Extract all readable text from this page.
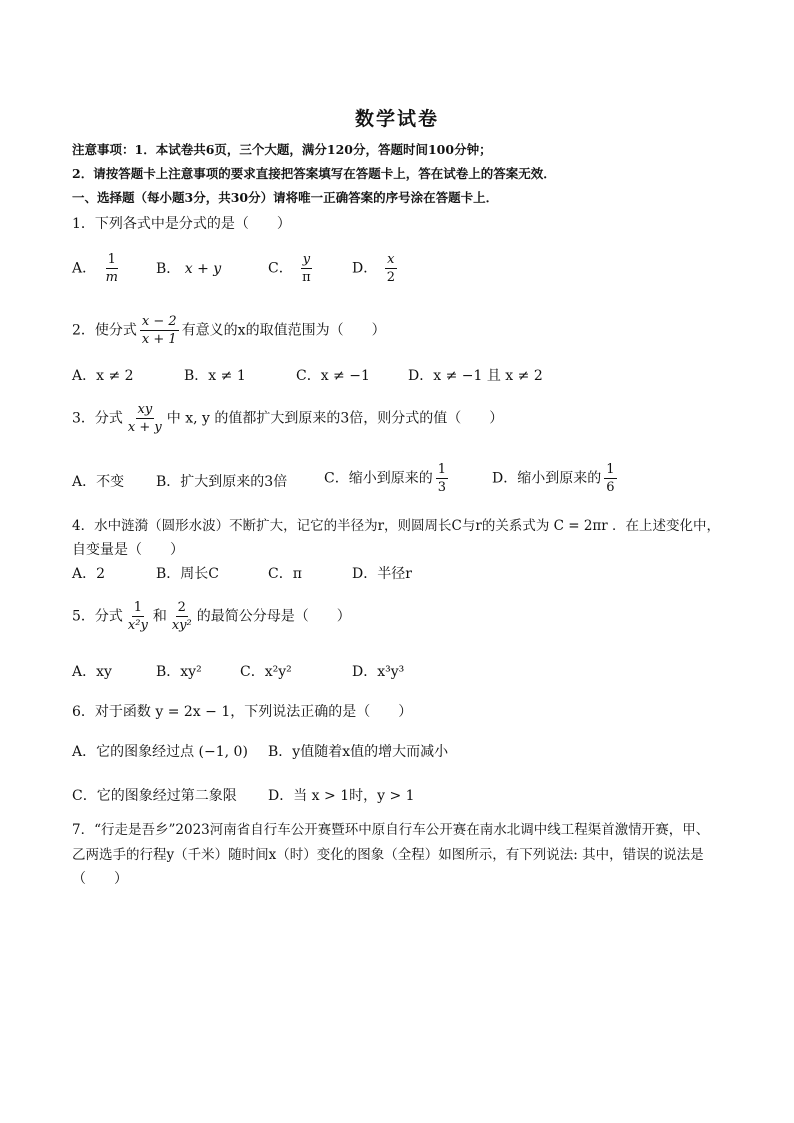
数学试卷
注意事项：1．本试卷共6页，三个大题，满分120分，答题时间100分钟；
2．请按答题卡上注意事项的要求直接把答案填写在答题卡上，答在试卷上的答案无效．
一、选择题（每小题3分，共30分）请将唯一正确答案的序号涂在答题卡上．
1．下列各式中是分式的是（　　）
A． $\frac{1}{m}$	B． x + y	C． $\frac{y}{\pi}$	D． $\frac{x}{2}$
2．使分式 $\frac{x - 2}{x + 1}$ 有意义的x的取值范围为（　　）
A．x ≠ 2	B．x ≠ 1	C．x ≠ −1	D．x ≠ −1 且 x ≠ 2
3．分式 $\frac{xy}{x + y}$ 中 x, y 的值都扩大到原来的3倍，则分式的值（　　）
A．不变 B．扩大到原来的3倍	C．缩小到原来的 $\frac{1}{3}$	D．缩小到原来的 $\frac{1}{6}$
4．水中涟漪（圆形水波）不断扩大，记它的半径为r，则圆周长C与r的关系式为 C = 2πr ．在上述变化中，
自变量是（　　）
A．2	B．周长C	C．π	D．半径r
5．分式 $\frac{1}{\text{x²y}}$ 和 $\frac{2}{\text{xy²}}$ 的最简公分母是（　　）
A．xy	B．xy²	C．x²y²	D．x³y³
6．对于函数 y = 2x − 1，下列说法正确的是（　　）
A．它的图象经过点 (−1, 0) B．y值随着x值的增大而减小
C．它的图象经过第二象限 D．当 x > 1时，y > 1
7．“行走是吾乡”2023河南省自行车公开赛暨环中原自行车公开赛在南水北调中线工程渠首激情开赛，甲、
乙两选手的行程y（千米）随时间x（时）变化的图象（全程）如图所示，有下列说法: 其中，错误的说法是
（　　）
